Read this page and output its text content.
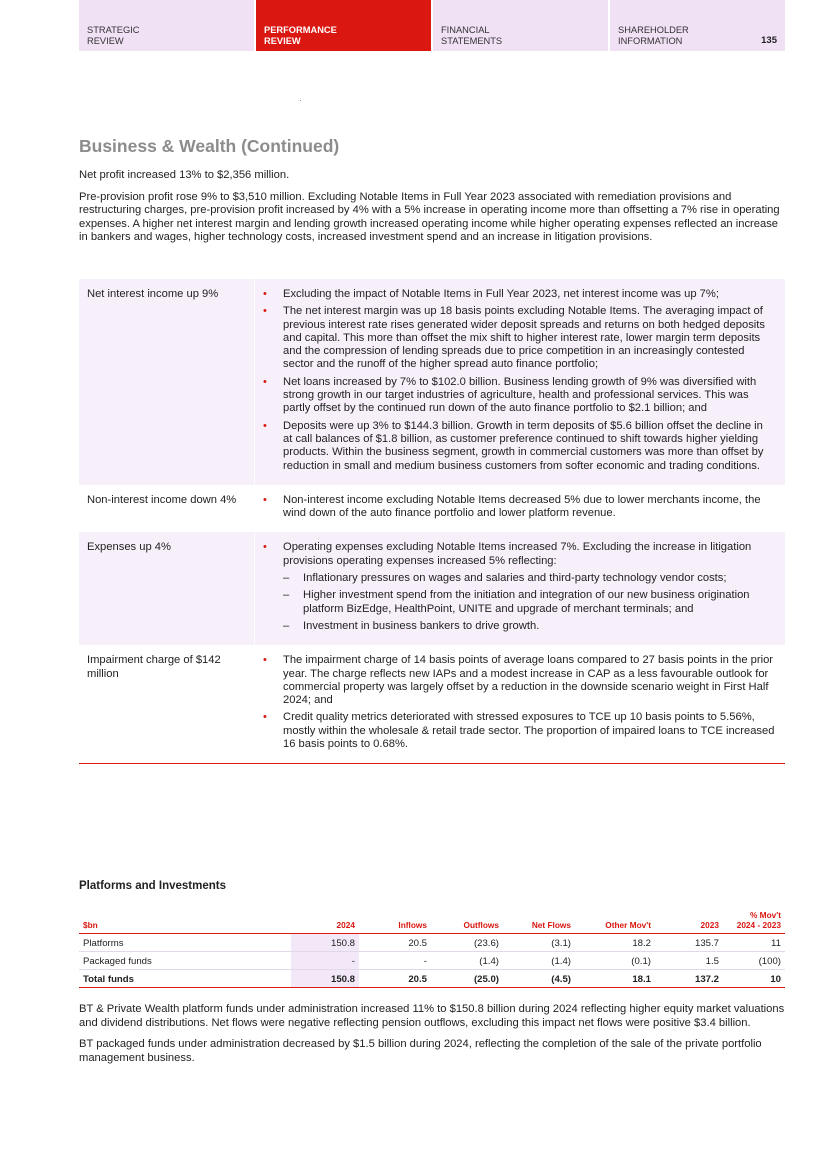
STRATEGIC
REVIEW
PERFORMANCE
REVIEW
FINANCIAL
STATEMENTS
SHAREHOLDER
INFORMATION	135
Business & Wealth (Continued)

Net profit increased 13% to $2,356 million.

Pre-provision profit rose 9% to $3,510 million. Excluding Notable Items in Full Year 2023 associated with remediation provisions and restructuring charges, pre-provision profit increased by 4% with a 5% increase in operating income more than offsetting a 7% rise in operating expenses. A higher net interest margin and lending growth increased operating income while higher operating expenses reflected an increase in bankers and wages, higher technology costs, increased investment spend and an increase in litigation provisions.

Net interest income up 9%	•	Excluding the impact of Notable Items in Full Year 2023, net interest income was up 7%;
•	The net interest margin was up 18 basis points excluding Notable Items. The averaging impact of previous interest rate rises generated wider deposit spreads and returns on both hedged deposits and capital. This more than offset the mix shift to higher interest rate, lower margin term deposits and the compression of lending spreads due to price competition in an increasingly contested sector and the runoff of the higher spread auto finance portfolio;
•	Net loans increased by 7% to $102.0 billion. Business lending growth of 9% was diversified with strong growth in our target industries of agriculture, health and professional services. This was partly offset by the continued run down of the auto finance portfolio to $2.1 billion; and
•	Deposits were up 3% to $144.3 billion. Growth in term deposits of $5.6 billion offset the decline in at call balances of $1.8 billion, as customer preference continued to shift towards higher yielding products. Within the business segment, growth in commercial customers was more than offset by reduction in small and medium business customers from softer economic and trading conditions.
Non-interest income down 4%	•	Non-interest income excluding Notable Items decreased 5% due to lower merchants income, the wind down of the auto finance portfolio and lower platform revenue.
Expenses up 4%	•	Operating expenses excluding Notable Items increased 7%. Excluding the increase in litigation provisions operating expenses increased 5% reflecting:
–	Inflationary pressures on wages and salaries and third-party technology vendor costs;
–	Higher investment spend from the initiation and integration of our new business origination platform BizEdge, HealthPoint, UNITE and upgrade of merchant terminals; and
–	Investment in business bankers to drive growth.
Impairment charge of $142 million
•	The impairment charge of 14 basis points of average loans compared to 27 basis points in the prior year. The charge reflects new IAPs and a modest increase in CAP as a less favourable outlook for commercial property was largely offset by a reduction in the downside scenario weight in First Half 2024; and
•	Credit quality metrics deteriorated with stressed exposures to TCE up 10 basis points to 5.56%, mostly within the wholesale & retail trade sector. The proportion of impaired loans to TCE increased 16 basis points to 0.68%.
Platforms and Investments
$bn	2024	Inflows	Outflows	Net Flows	Other Mov't	2023	% Mov't
2024 - 2023

Platforms	150.8	20.5	(23.6)	(3.1)	18.2	135.7	11
Packaged funds	-	-	(1.4)	(1.4)	(0.1)	1.5	(100)
Total funds	150.8	20.5	(25.0)	(4.5)	18.1	137.2	10

BT & Private Wealth platform funds under administration increased 11% to $150.8 billion during 2024 reflecting higher equity market valuations and dividend distributions. Net flows were negative reflecting pension outflows, excluding this impact net flows were positive $3.4 billion.

BT packaged funds under administration decreased by $1.5 billion during 2024, reflecting the completion of the sale of the private portfolio management business.
